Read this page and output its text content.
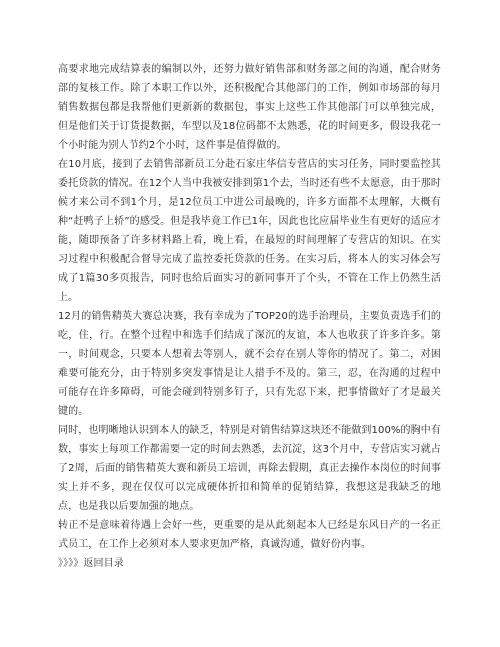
高要求地完成结算表的编制以外，还努力做好销售部和财务部之间的沟通，配合财务部的复核工作。除了本职工作以外，还积极配合其他部门的工作，例如市场部的每月销售数据包都是我帮他们更新新的数据包，事实上这些工作其他部门可以单独完成，但是他们关于订货提数据，车型以及18位码都不太熟悉，花的时间更多，假设我花一个小时能为别人节约2个小时，这件事是值得做的。

在10月底，接到了去销售部新员工分赴石家庄华信专营店的实习任务，同时要监控其委托贷款的情况。在12个人当中我被安排到第1个去，当时还有些不太愿意，由于那时候才来公司不到1个月，是12位员工中进公司最晚的，许多方面都不太理解，大概有种“赶鸭子上轿”的感受。但是我毕竟工作已1年，因此也比应届毕业生有更好的适应才能，随即预备了许多材料路上看，晚上看，在最短的时间理解了专营店的知识。在实习过程中积极配合督导完成了监控委托贷款的任务。在实习后，将本人的实习体会写成了1篇30多页报告，同时也给后面实习的新同事开了个头，不管在工作上仍然生活上。

12月的销售精英大赛总决赛，我有幸成为了TOP20的选手治理员，主要负责选手们的吃，住，行。在整个过程中和选手们结成了深沉的友谊，本人也收获了许多许多。第一，时间观念，只要本人想着去等别人，就不会存在别人等你的情况了。第二，对困难要可能充分，由于特别多突发事情是让人措手不及的。第三，忍，在沟通的过程中可能存在许多障碍，可能会碰到特别多钉子，只有先忍下来，把事情做好了才是最关键的。

同时，也明晰地认识到本人的缺乏，特别是对销售结算这块还不能做到100%的胸中有数，事实上每项工作都需要一定的时间去熟悉，去沉淀，这3个月中，专营店实习就占了2周，后面的销售精英大赛和新员工培训，再除去假期，真正去操作本岗位的时间事实上并不多，现在仅仅可以完成硬体折扣和简单的促销结算，我想这是我缺乏的地点，也是我以后要加强的地点。

转正不是意味着待遇上会好一些，更重要的是从此刻起本人已经是东风日产的一名正式员工，在工作上必须对本人要求更加严格，真诚沟通，做好份内事。

》》》》返回目录
